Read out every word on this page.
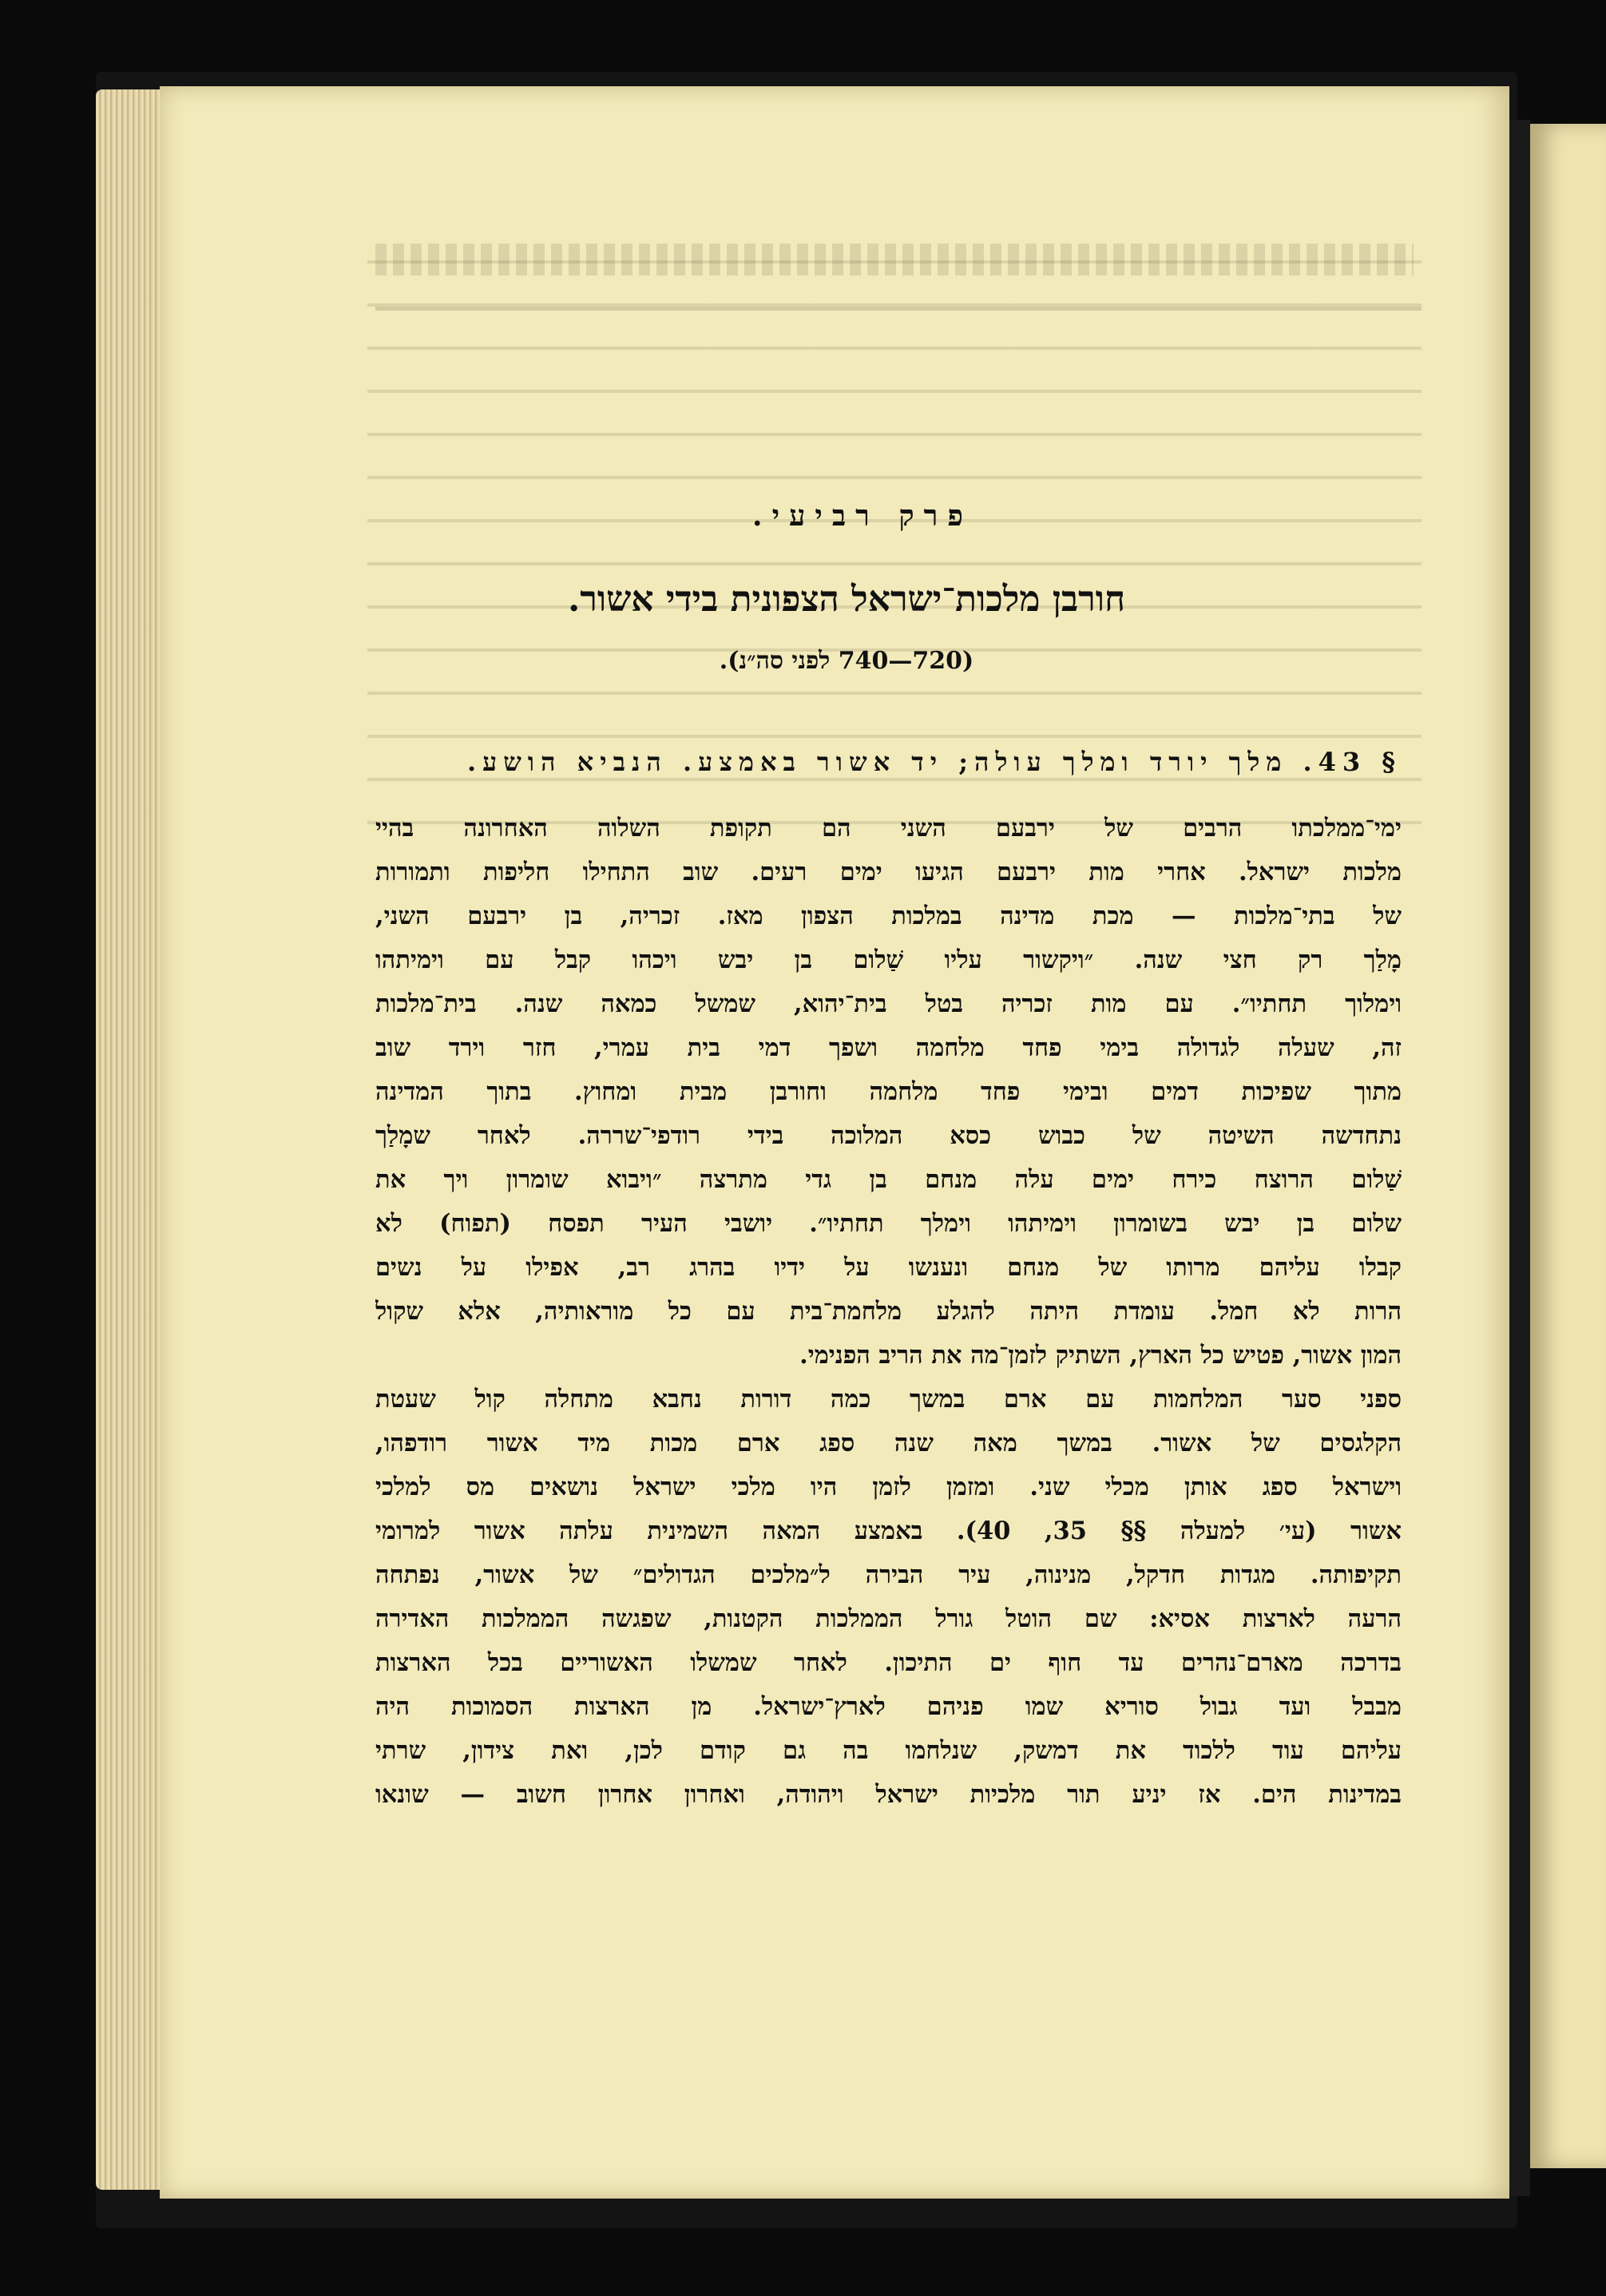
פרק רביעי.
חורבן מלכות־ישראל הצפונית בידי אשור.
(720—740 לפני סה״נ).
§ 43. מלך יורד ומלך עולה; יד אשור באמצע. הנביא הושע.
ימי־ממלכתו הרבים של ירבעם השני הם תקופת השלוה האחרונה בהיי
מלכות ישראל. אחרי מות ירבעם הגיעו ימים רעים. שוב התחילו חליפות ותמורות
של בתי־מלכות — מכת מדינה במלכות הצפון מאז. זכריה, בן ירבעם השני,
מָלַך רק חצי שנה. ״ויקשור עליו שַׁלום בן יבש ויכהו קבל עם וימיתהו
וימלוך תחתיו״. עם מות זכריה בטל בית־יהוא, שמשל כמאה שנה. בית־מלכות
זה, שעלה לגדולה בימי פחד מלחמה ושפך דמי בית עמרי, חזר וירד שוב
מתוך שפיכות דמים ובימי פחד מלחמה וחורבן מבית ומחוץ. בתוך המדינה
נתחדשה השיטה של כבוש כסא המלוכה בידי רודפי־שררה. לאחר שמָלַך
שַׁלום הרוצח כירח ימים עלה מנחם בן גדי מתרצה ״ויבוא שומרון ויך את
שלום בן יבש בשומרון וימיתהו וימלך תחתיו״. יושבי העיר תפסח (תפוח) לא
קבלו עליהם מרותו של מנחם ונענשו על ידיו בהרג רב, אפילו על נשים
הרות לא חמל. עומדת היתה להגלע מלחמת־בית עם כל מוראותיה, אלא שקול
המון אשור, פטיש כל הארץ, השתיק לזמן־מה את הריב הפנימי.
ספני סער המלחמות עם ארם במשך כמה דורות נחבא מתחלה קול שעטת
הקלגסים של אשור. במשך מאה שנה ספג ארם מכות מיד אשור רודפהו,
וישראל ספג אותן מכלי שני. ומזמן לזמן היו מלכי ישראל נושאים מס למלכי
אשור (עי׳ למעלה §§ 35, 40). באמצע המאה השמינית עלתה אשור למרומי
תקיפותה. מגדות חדקל, מנינוה, עיר הבירה ל״מלכים הגדולים״ של אשור, נפתחה
הרעה לארצות אסיא: שם הוטל גורל הממלכות הקטנות, שפגשה הממלכות האדירה
בדרכה מארם־נהרים עד חוף ים התיכון. לאחר שמשלו האשוריים בכל הארצות
מבבל ועד גבול סוריא שמו פניהם לארץ־ישראל. מן הארצות הסמוכות היה
עליהם עוד ללכוד את דמשק, שנלחמו בה גם קודם לכן, ואת צידון, שרתי
במדינות הים. אז יניע תור מלכיות ישראל ויהודה, ואחרון אחרון חשוב — שונאו
